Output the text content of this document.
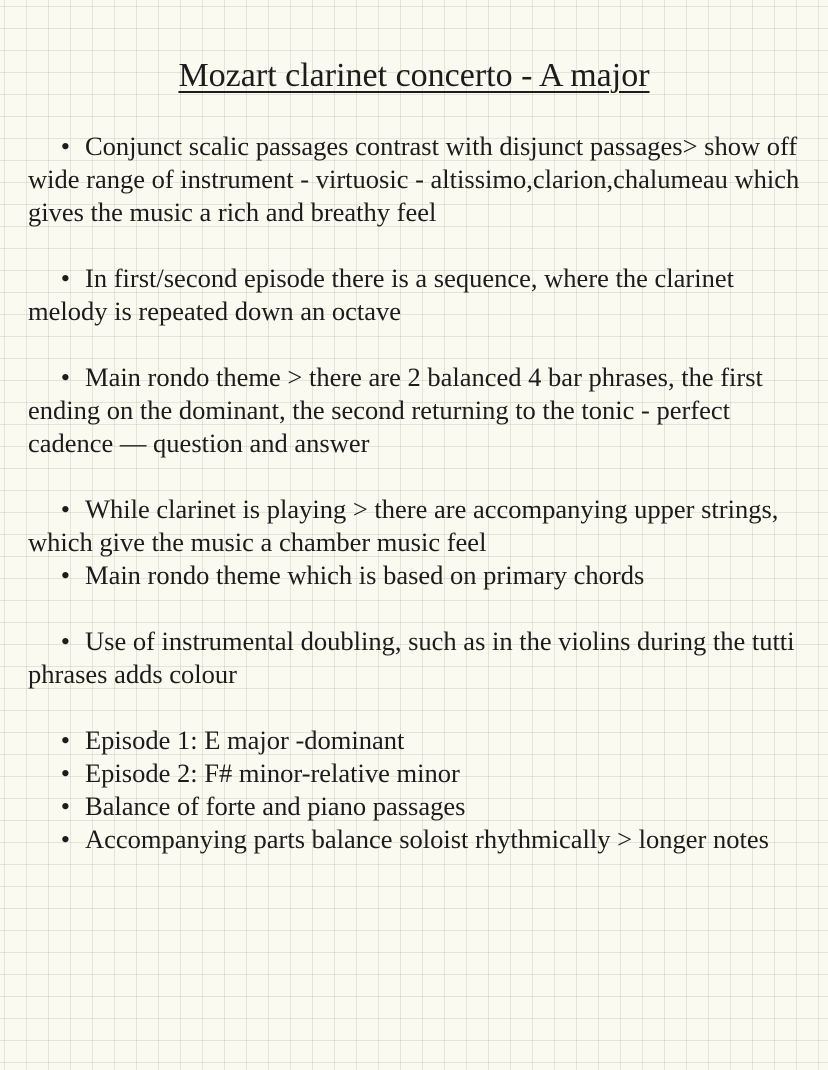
Mozart clarinet concerto - A major

• Conjunct scalic passages contrast with disjunct passages> show off wide range of instrument - virtuosic - altissimo,clarion,chalumeau which gives the music a rich and breathy feel

• In first/second episode there is a sequence, where the clarinet melody is repeated down an octave

• Main rondo theme > there are 2 balanced 4 bar phrases, the first ending on the dominant, the second returning to the tonic - perfect cadence — question and answer

• While clarinet is playing > there are accompanying upper strings, which give the music a chamber music feel

• Main rondo theme which is based on primary chords

• Use of instrumental doubling, such as in the violins during the tutti phrases adds colour

• Episode 1: E major -dominant

• Episode 2: F# minor-relative minor

• Balance of forte and piano passages

• Accompanying parts balance soloist rhythmically > longer notes
